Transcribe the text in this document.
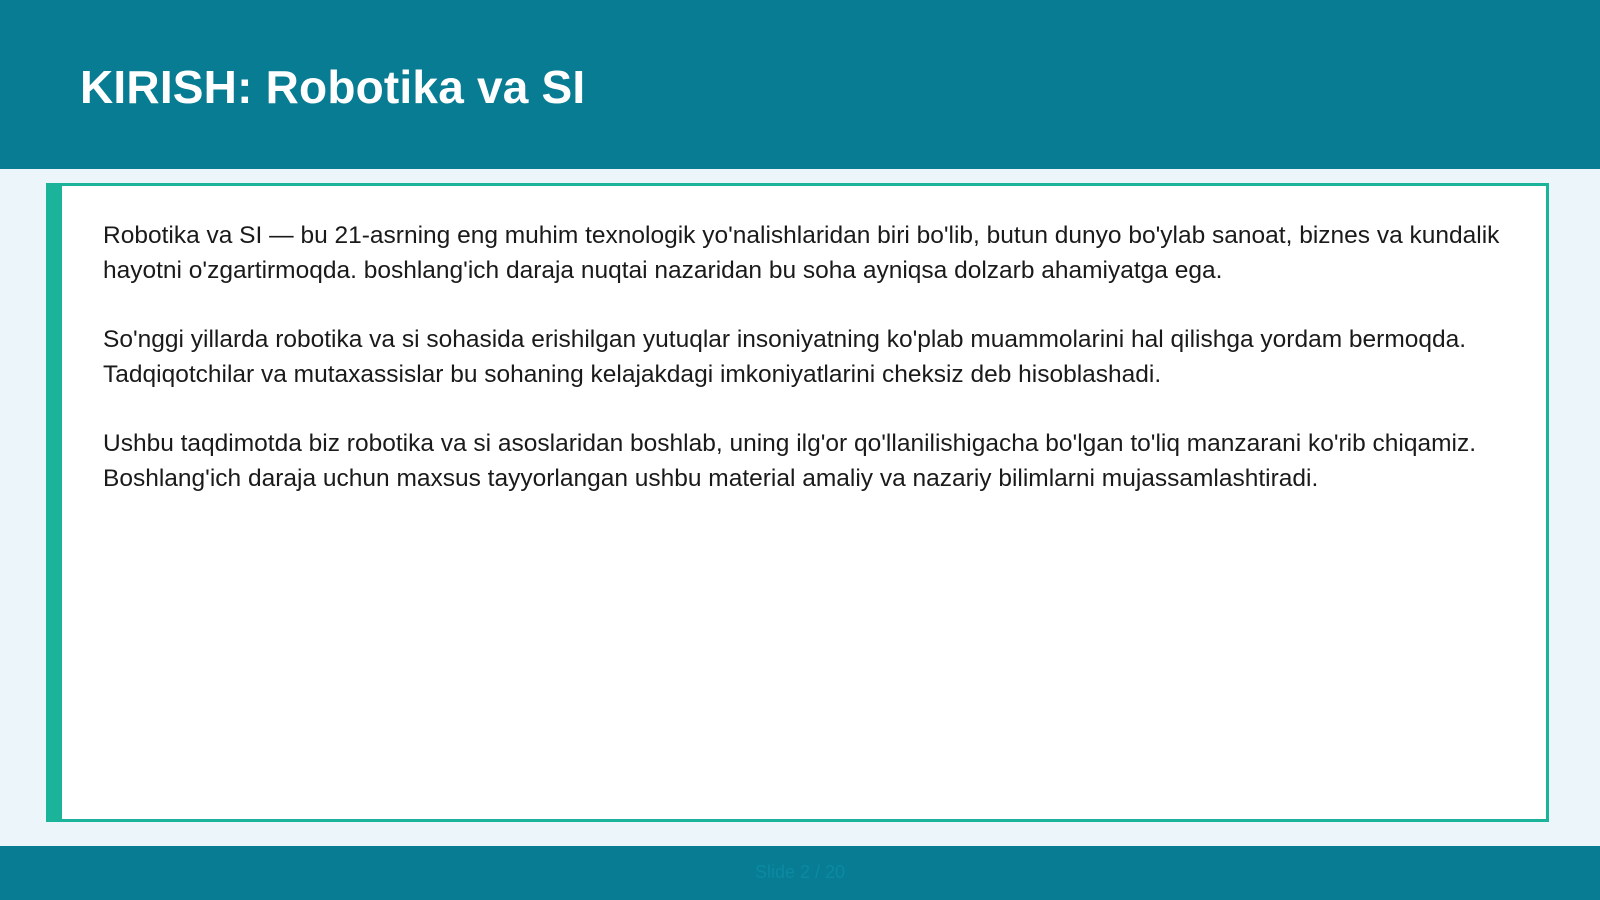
KIRISH: Robotika va SI

Robotika va SI — bu 21-asrning eng muhim texnologik yo'nalishlaridan biri bo'lib, butun dunyo bo'ylab sanoat, biznes va kundalik hayotni o'zgartirmoqda. boshlang'ich daraja nuqtai nazaridan bu soha ayniqsa dolzarb ahamiyatga ega.

So'nggi yillarda robotika va si sohasida erishilgan yutuqlar insoniyatning ko'plab muammolarini hal qilishga yordam bermoqda. Tadqiqotchilar va mutaxassislar bu sohaning kelajakdagi imkoniyatlarini cheksiz deb hisoblashadi.

Ushbu taqdimotda biz robotika va si asoslaridan boshlab, uning ilg'or qo'llanilishigacha bo'lgan to'liq manzarani ko'rib chiqamiz. Boshlang'ich daraja uchun maxsus tayyorlangan ushbu material amaliy va nazariy bilimlarni mujassamlashtiradi.

Slide 2 / 20
